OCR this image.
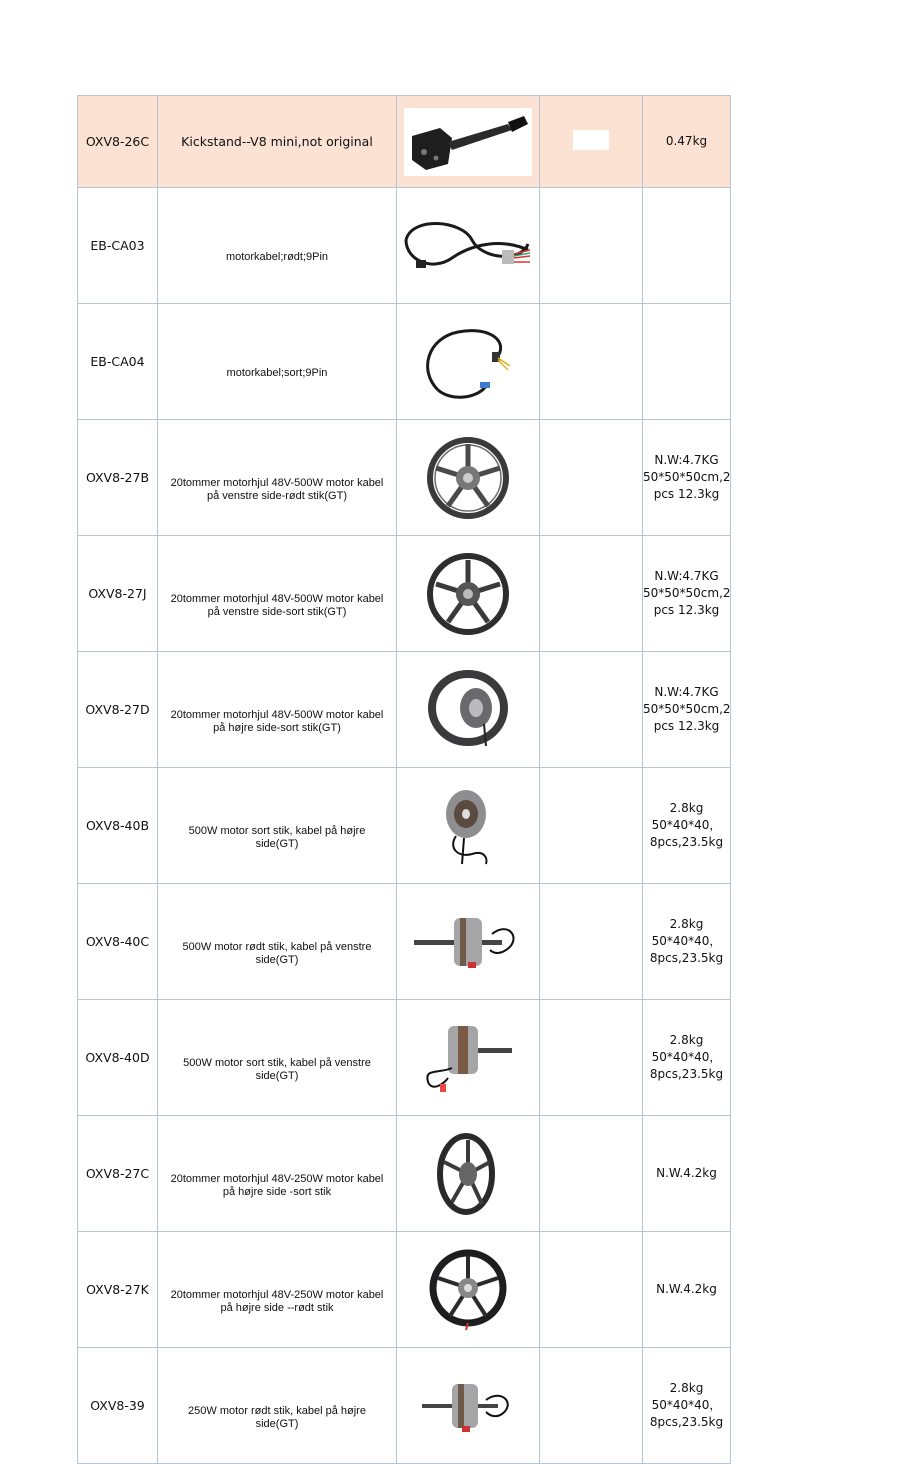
OXV8-26C	Kickstand--V8 mini,not original			0.47kg
EB-CA03	motorkabel;rødt;9Pin	

EB-CA04	motorkabel;sort;9Pin	

OXV8-27B	20tommer motorhjul 48V-500W motor kabel på venstre side-rødt stik(GT)			N.W:4.7KG
50*50*50cm,2
pcs 12.3kg
OXV8-27J	20tommer motorhjul 48V-500W motor kabel på venstre side-sort stik(GT)			N.W:4.7KG
50*50*50cm,2
pcs 12.3kg
OXV8-27D	20tommer motorhjul 48V-500W motor kabel på højre side-sort stik(GT)			N.W:4.7KG
50*50*50cm,2
pcs 12.3kg
OXV8-40B	500W motor sort stik, kabel på højre side(GT)			2.8kg
50*40*40，
8pcs,23.5kg
OXV8-40C	500W motor rødt stik, kabel på venstre side(GT)			2.8kg
50*40*40，
8pcs,23.5kg
OXV8-40D	500W motor sort stik, kabel på venstre side(GT)			2.8kg
50*40*40，
8pcs,23.5kg
OXV8-27C	20tommer motorhjul 48V-250W motor kabel på højre side -sort stik			N.W.4.2kg
OXV8-27K	20tommer motorhjul 48V-250W motor kabel på højre side --rødt stik			N.W.4.2kg
OXV8-39	250W motor rødt stik, kabel på højre side(GT)			2.8kg
50*40*40，
8pcs,23.5kg
